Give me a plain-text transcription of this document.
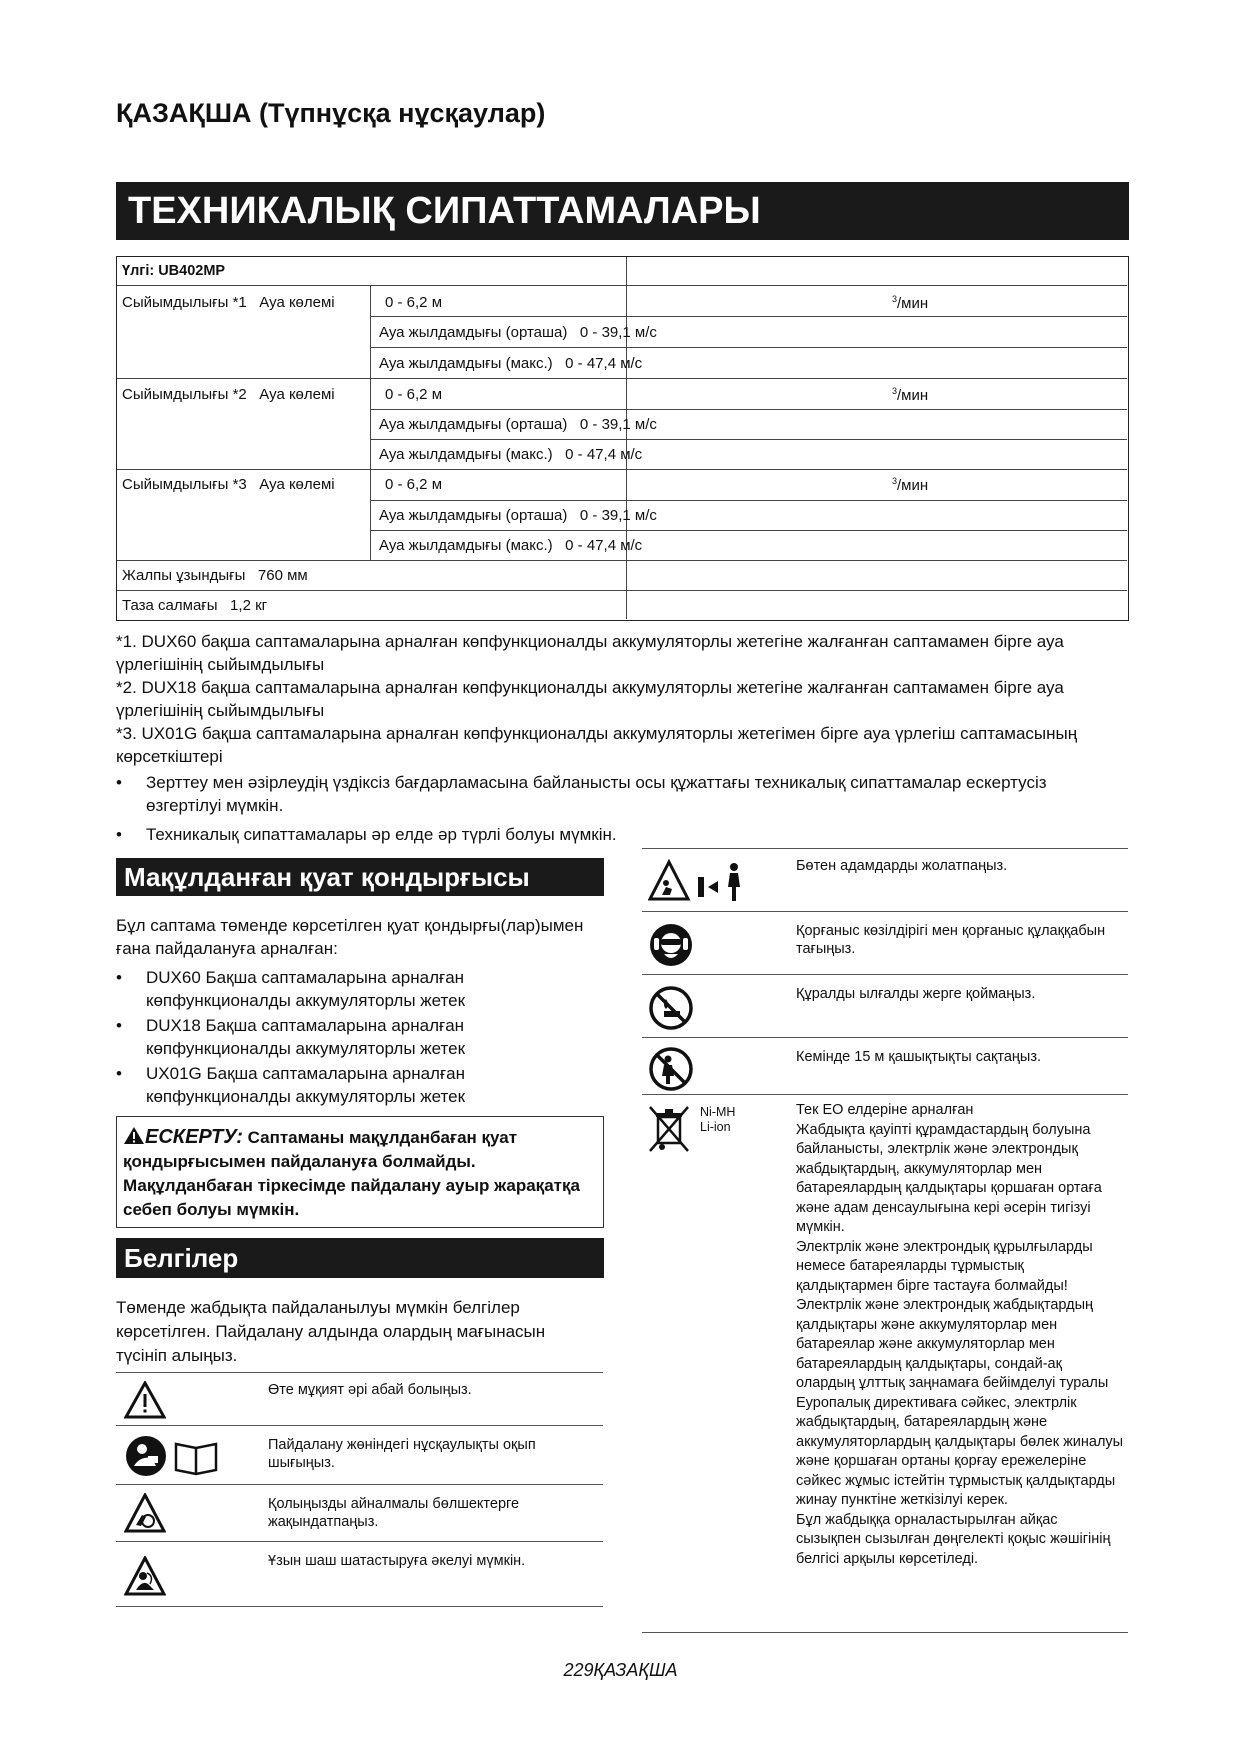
ҚАЗАҚША (Түпнұсқа нұсқаулар)
ТЕХНИКАЛЫҚ СИПАТТАМАЛАРЫ
Үлгі: UB402MP
Сыйымдылығы *1 Ауа көлемі	0 - 6,2 м	$^3$/мин
Ауа жылдамдығы (орташа) 0 - 39,1 м/с
Ауа жылдамдығы (макс.) 0 - 47,4 м/с
Сыйымдылығы *2 Ауа көлемі	0 - 6,2 м	$^3$/мин
Ауа жылдамдығы (орташа) 0 - 39,1 м/с
Ауа жылдамдығы (макс.) 0 - 47,4 м/с
Сыйымдылығы *3 Ауа көлемі	0 - 6,2 м	$^3$/мин
Ауа жылдамдығы (орташа) 0 - 39,1 м/с
Ауа жылдамдығы (макс.) 0 - 47,4 м/с
Жалпы ұзындығы   760 мм
Таза салмағы   1,2 кг

*1. DUX60 бақша саптамаларына арналған көпфункционалды аккумуляторлы жетегіне жалғанған саптамамен бірге ауа үрлегішінің сыйымдылығы

*2. DUX18 бақша саптамаларына арналған көпфункционалды аккумуляторлы жетегіне жалғанған саптамамен бірге ауа үрлегішінің сыйымдылығы

*3. UX01G бақша саптамаларына арналған көпфункционалды аккумуляторлы жетегімен бірге ауа үрлегіш саптамасының көрсеткіштері

• Зерттеу мен әзірлеудің үздіксіз бағдарламасына байланысты осы құжаттағы техникалық сипаттамалар ескертусіз өзгертілуі мүмкін.

• Техникалық сипаттамалары әр елде әр түрлі болуы мүмкін.

Мақұлданған қуат қондырғысы
Бұл саптама төменде көрсетілген қуат қондырғы(лар)ымен ғана пайдалануға арналған:
• DUX60 Бақша саптамаларына арналған көпфункционалды аккумуляторлы жетек
• DUX18 Бақша саптамаларына арналған көпфункционалды аккумуляторлы жетек
• UX01G Бақша саптамаларына арналған көпфункционалды аккумуляторлы жетек
ЕСКЕРТУ: Саптаманы мақұлданбаған қуат қондырғысымен пайдалануға болмайды. Мақұлданбаған тіркесімде пайдалану ауыр жарақатқа себеп болуы мүмкін.
Белгілер
Төменде жабдықта пайдаланылуы мүмкін белгілер көрсетілген. Пайдалану алдында олардың мағынасын түсініп алыңыз.
Өте мұқият әрі абай болыңыз.
Пайдалану жөніндегі нұсқаулықты оқып шығыңыз.
Қолыңызды айналмалы бөлшектерге жақындатпаңыз.
Ұзын шаш шатастыруға әкелуі мүмкін.
Бөтен адамдарды жолатпаңыз.
Қорғаныс көзілдірігі мен қорғаныс құлаққабын тағыңыз.
Құралды ылғалды жерге қоймаңыз.
Кемінде 15 м қашықтықты сақтаңыз.
Ni-MH
Li-ion
Тек ЕО елдеріне арналған
Жабдықта қауіпті құрамдастардың болуына байланысты, электрлік және электрондық жабдықтардың, аккумуляторлар мен батареялардың қалдықтары қоршаған ортаға және адам денсаулығына кері әсерін тигізуі мүмкін.
Электрлік және электрондық құрылғыларды немесе батареяларды тұрмыстық қалдықтармен бірге тастауға болмайды!
Электрлік және электрондық жабдықтардың қалдықтары және аккумуляторлар мен батареялар және аккумуляторлар мен батареялардың қалдықтары, сондай-ақ олардың ұлттық заңнамаға бейімделуі туралы Еуропалық директиваға сәйкес, электрлік жабдықтардың, батареялардың және аккумуляторлардың қалдықтары бөлек жиналуы және қоршаған ортаны қорғау ережелеріне сәйкес жұмыс істейтін тұрмыстық қалдықтарды жинау пунктіне жеткізілуі керек.
Бұл жабдыққа орналастырылған айқас сызықпен сызылған дөңгелекті қоқыс жәшігінің белгісі арқылы көрсетіледі.
229ҚАЗАҚША
